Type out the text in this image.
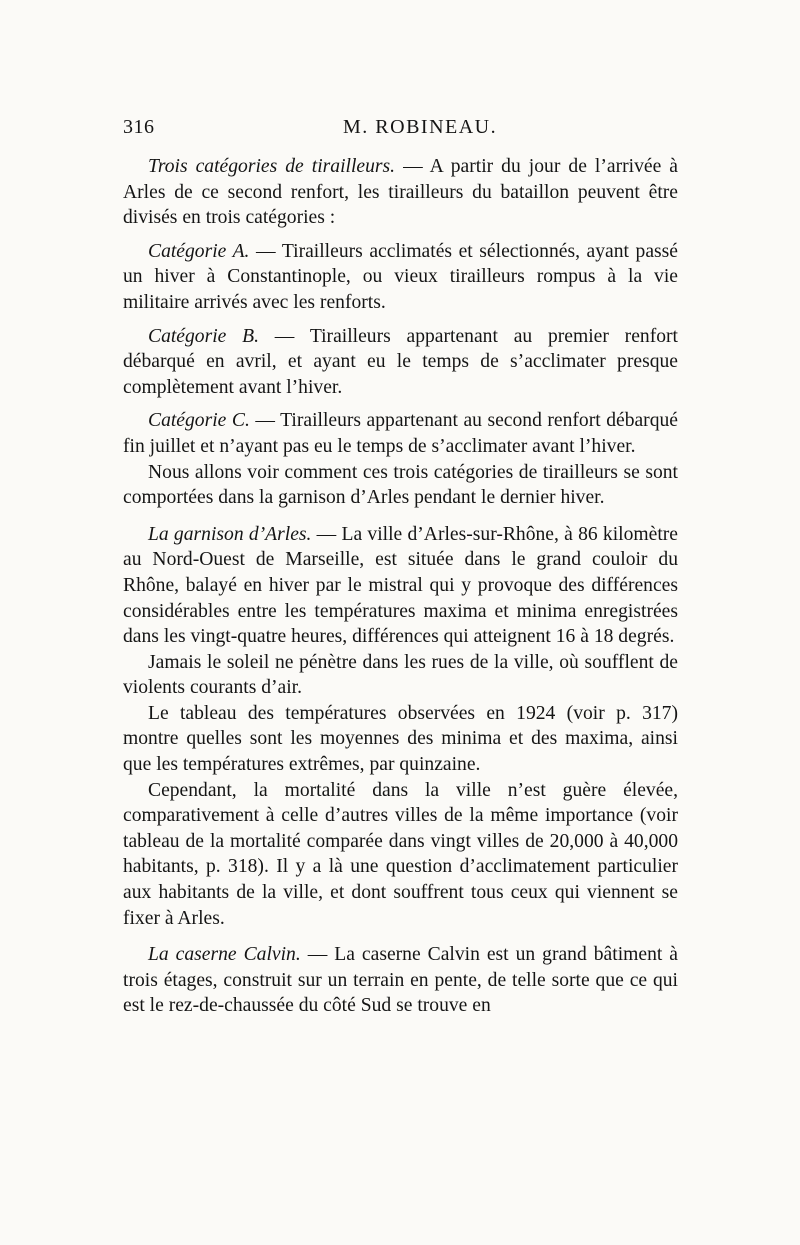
316	M. ROBINEAU.

Trois catégories de tirailleurs. — A partir du jour de l’arrivée à Arles de ce second renfort, les tirailleurs du bataillon peuvent être divisés en trois catégories :

Catégorie A. — Tirailleurs acclimatés et sélectionnés, ayant passé un hiver à Constantinople, ou vieux tirailleurs rompus à la vie militaire arrivés avec les renforts.

Catégorie B. — Tirailleurs appartenant au premier renfort débarqué en avril, et ayant eu le temps de s’acclimater presque complètement avant l’hiver.

Catégorie C. — Tirailleurs appartenant au second renfort débarqué fin juillet et n’ayant pas eu le temps de s’acclimater avant l’hiver.

Nous allons voir comment ces trois catégories de tirailleurs se sont comportées dans la garnison d’Arles pendant le dernier hiver.

La garnison d’Arles. — La ville d’Arles-sur-Rhône, à 86 kilomètre au Nord-Ouest de Marseille, est située dans le grand couloir du Rhône, balayé en hiver par le mistral qui y provoque des différences considérables entre les températures maxima et minima enregistrées dans les vingt-quatre heures, différences qui atteignent 16 à 18 degrés.

Jamais le soleil ne pénètre dans les rues de la ville, où soufflent de violents courants d’air.

Le tableau des températures observées en 1924 (voir p. 317) montre quelles sont les moyennes des minima et des maxima, ainsi que les températures extrêmes, par quinzaine.

Cependant, la mortalité dans la ville n’est guère élevée, comparativement à celle d’autres villes de la même importance (voir tableau de la mortalité comparée dans vingt villes de 20,000 à 40,000 habitants, p. 318). Il y a là une question d’acclimatement particulier aux habitants de la ville, et dont souffrent tous ceux qui viennent se fixer à Arles.

La caserne Calvin. — La caserne Calvin est un grand bâtiment à trois étages, construit sur un terrain en pente, de telle sorte que ce qui est le rez-de-chaussée du côté Sud se trouve en
